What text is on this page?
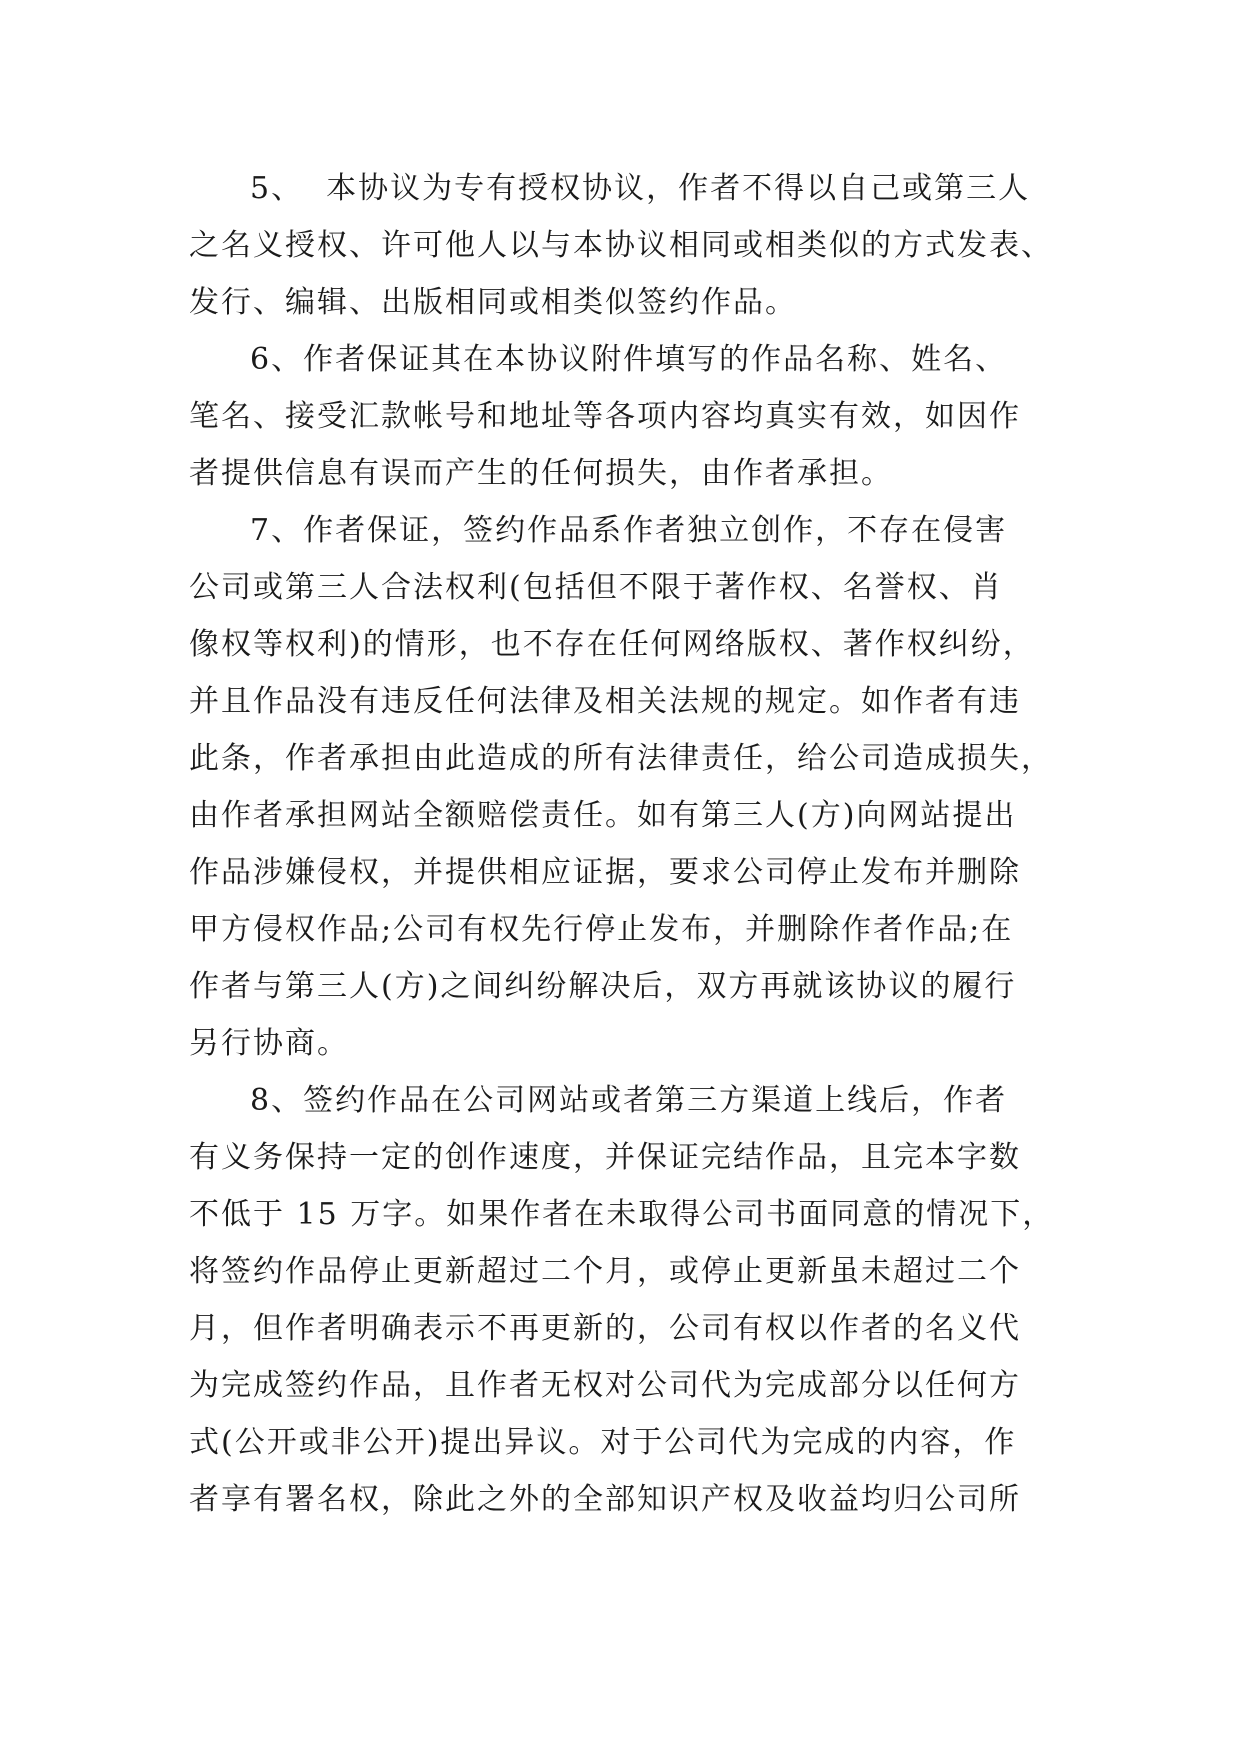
5、  本协议为专有授权协议，作者不得以自己或第三人
之名义授权、许可他人以与本协议相同或相类似的方式发表、
发行、编辑、出版相同或相类似签约作品。
6、作者保证其在本协议附件填写的作品名称、姓名、
笔名、接受汇款帐号和地址等各项内容均真实有效，如因作
者提供信息有误而产生的任何损失，由作者承担。
7、作者保证，签约作品系作者独立创作，不存在侵害
公司或第三人合法权利(包括但不限于著作权、名誉权、肖
像权等权利)的情形，也不存在任何网络版权、著作权纠纷，
并且作品没有违反任何法律及相关法规的规定。如作者有违
此条，作者承担由此造成的所有法律责任，给公司造成损失，
由作者承担网站全额赔偿责任。如有第三人(方)向网站提出
作品涉嫌侵权，并提供相应证据，要求公司停止发布并删除
甲方侵权作品;公司有权先行停止发布，并删除作者作品;在
作者与第三人(方)之间纠纷解决后，双方再就该协议的履行
另行协商。
8、签约作品在公司网站或者第三方渠道上线后，作者
有义务保持一定的创作速度，并保证完结作品，且完本字数
不低于 15 万字。如果作者在未取得公司书面同意的情况下，
将签约作品停止更新超过二个月，或停止更新虽未超过二个
月，但作者明确表示不再更新的，公司有权以作者的名义代
为完成签约作品，且作者无权对公司代为完成部分以任何方
式(公开或非公开)提出异议。对于公司代为完成的内容，作
者享有署名权，除此之外的全部知识产权及收益均归公司所
